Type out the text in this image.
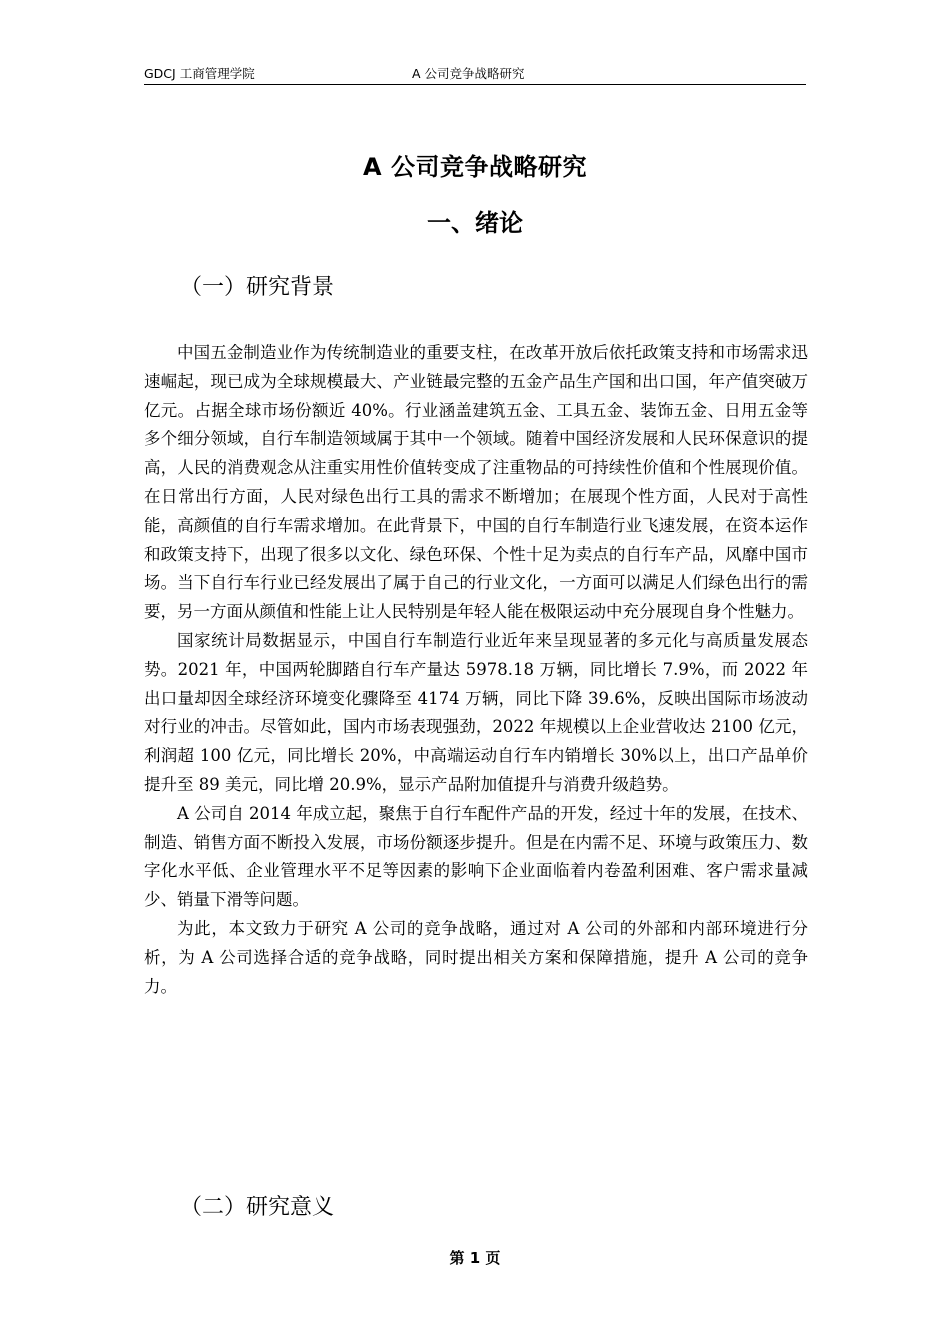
GDCJ 工商管理学院	A 公司竞争战略研究
A 公司竞争战略研究
一、绪论
（一）研究背景

中国五金制造业作为传统制造业的重要支柱，在改革开放后依托政策支持和市场需求迅速崛起，现已成为全球规模最大、产业链最完整的五金产品生产国和出口国，年产值突破万亿元。占据全球市场份额近 40%。行业涵盖建筑五金、工具五金、装饰五金、日用五金等多个细分领域，自行车制造领域属于其中一个领域。随着中国经济发展和人民环保意识的提高，人民的消费观念从注重实用性价值转变成了注重物品的可持续性价值和个性展现价值。在日常出行方面，人民对绿色出行工具的需求不断增加；在展现个性方面，人民对于高性能，高颜值的自行车需求增加。在此背景下，中国的自行车制造行业飞速发展，在资本运作和政策支持下，出现了很多以文化、绿色环保、个性十足为卖点的自行车产品，风靡中国市场。当下自行车行业已经发展出了属于自己的行业文化，一方面可以满足人们绿色出行的需要，另一方面从颜值和性能上让人民特别是年轻人能在极限运动中充分展现自身个性魅力。

国家统计局数据显示，中国自行车制造行业近年来呈现显著的多元化与高质量发展态势。2021 年，中国两轮脚踏自行车产量达 5978.18 万辆，同比增长 7.9%，而 2022 年出口量却因全球经济环境变化骤降至 4174 万辆，同比下降 39.6%，反映出国际市场波动对行业的冲击。尽管如此，国内市场表现强劲，2022 年规模以上企业营收达 2100 亿元，利润超 100 亿元，同比增长 20%，中高端运动自行车内销增长 30%以上，出口产品单价提升至 89 美元，同比增 20.9%，显示产品附加值提升与消费升级趋势。

A 公司自 2014 年成立起，聚焦于自行车配件产品的开发，经过十年的发展，在技术、制造、销售方面不断投入发展，市场份额逐步提升。但是在内需不足、环境与政策压力、数字化水平低、企业管理水平不足等因素的影响下企业面临着内卷盈利困难、客户需求量减少、销量下滑等问题。

为此，本文致力于研究 A 公司的竞争战略，通过对 A 公司的外部和内部环境进行分析，为 A 公司选择合适的竞争战略，同时提出相关方案和保障措施，提升 A 公司的竞争力。

（二）研究意义
第 1 页
